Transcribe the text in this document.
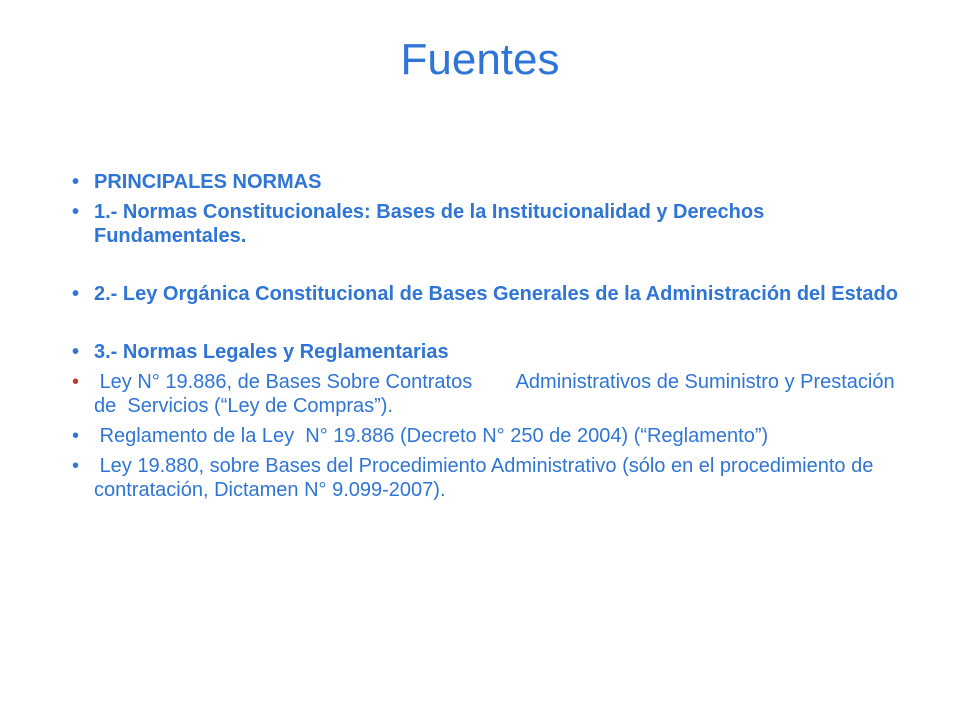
Fuentes
• PRINCIPALES NORMAS
• 1.- Normas Constitucionales: Bases de la Institucionalidad y Derechos Fundamentales.
• 2.- Ley Orgánica Constitucional de Bases Generales de la Administración del Estado
• 3.- Normas Legales y Reglamentarias
• Ley N° 19.886, de Bases Sobre Contratos        Administrativos de Suministro y Prestación de  Servicios (“Ley de Compras”).
• Reglamento de la Ley  N° 19.886 (Decreto N° 250 de 2004) (“Reglamento”)
• Ley 19.880, sobre Bases del Procedimiento Administrativo (sólo en el procedimiento de contratación, Dictamen N° 9.099-2007).
